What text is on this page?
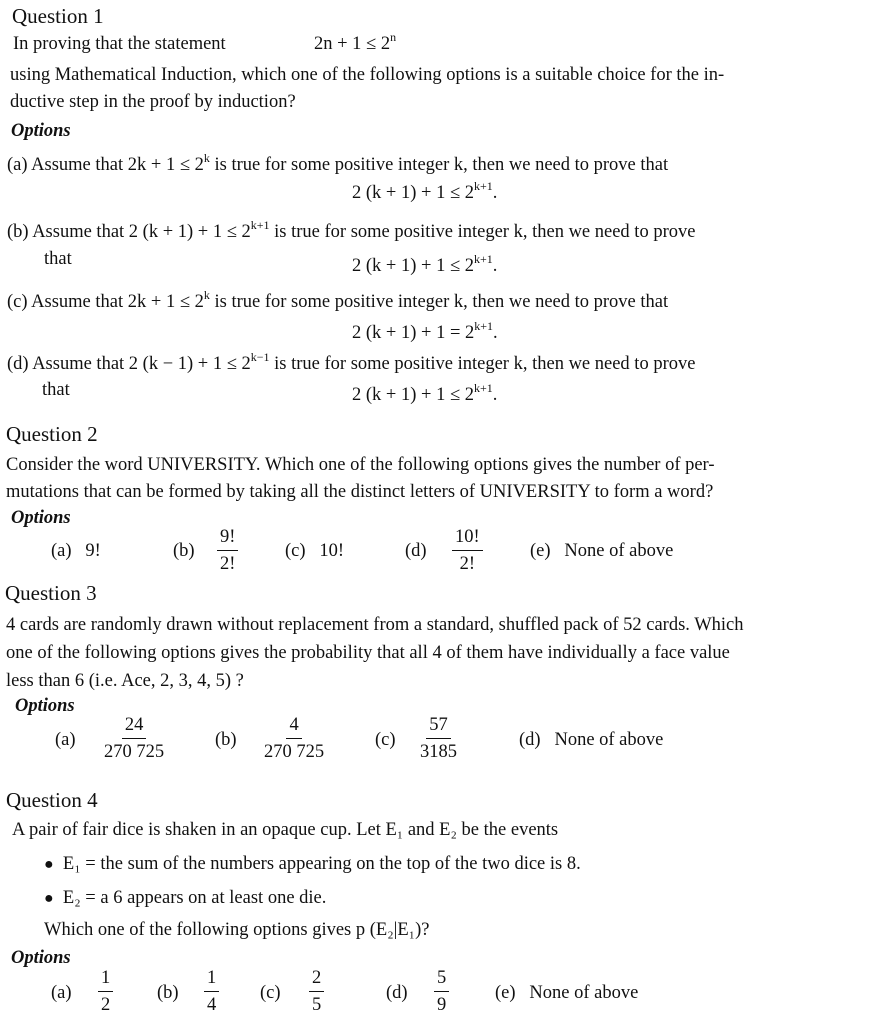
Question 1
In proving that the statement	$2n + 1 \le 2^n$
using Mathematical Induction, which one of the following options is a suitable choice for the in-
ductive step in the proof by induction?
Options
(a) Assume that $2k + 1 \le 2^k$ is true for some positive integer k, then we need to prove that
2 $(k + 1) + 1 \le 2^{k+1}$.
(b) Assume that 2 $(k + 1) + 1 \le 2^{k+1}$ is true for some positive integer k, then we need to prove
that	2 $(k + 1) + 1 \le 2^{k+1}$.
(c) Assume that $2k + 1 \le 2^k$ is true for some positive integer k, then we need to prove that
2 $(k + 1) + 1 = 2^{k+1}$.
(d) Assume that 2 $(k - 1) + 1 \le 2^{k-1}$ is true for some positive integer k, then we need to prove
that	2 $(k + 1) + 1 \le 2^{k+1}$.
Question 2
Consider the word UNIVERSITY. Which one of the following options gives the number of per-
mutations that can be formed by taking all the distinct letters of UNIVERSITY to form a word?
Options
(a) 9!	$(b) \frac{9!}{2!}$	(c) 10!	$(d) \frac{10!}{2!}$	(e) None of above
Question 3
4 cards are randomly drawn without replacement from a standard, shuffled pack of 52 cards. Which
one of the following options gives the probability that all 4 of them have individually a face value
less than 6 (i.e. Ace, 2, 3, 4, 5) ?
Options
$(a) \frac{24}{270 725}$	$(b) \frac{4}{270 725}$	$(c) \frac{57}{3185}$	(d) None of above
Question 4
A pair of fair dice is shaken in an opaque cup. Let E₁ and E₂ be the events
● E₁ = the sum of the numbers appearing on the top of the two dice is 8.
● E₂ = a 6 appears on at least one die.
Which one of the following options gives p (E₂|E₁)?
Options
$(a) \frac{1}{2} (b) \frac{1}{4} (c) \frac{2}{5}$	$(d) \frac{5}{9} (e)$ None of above
